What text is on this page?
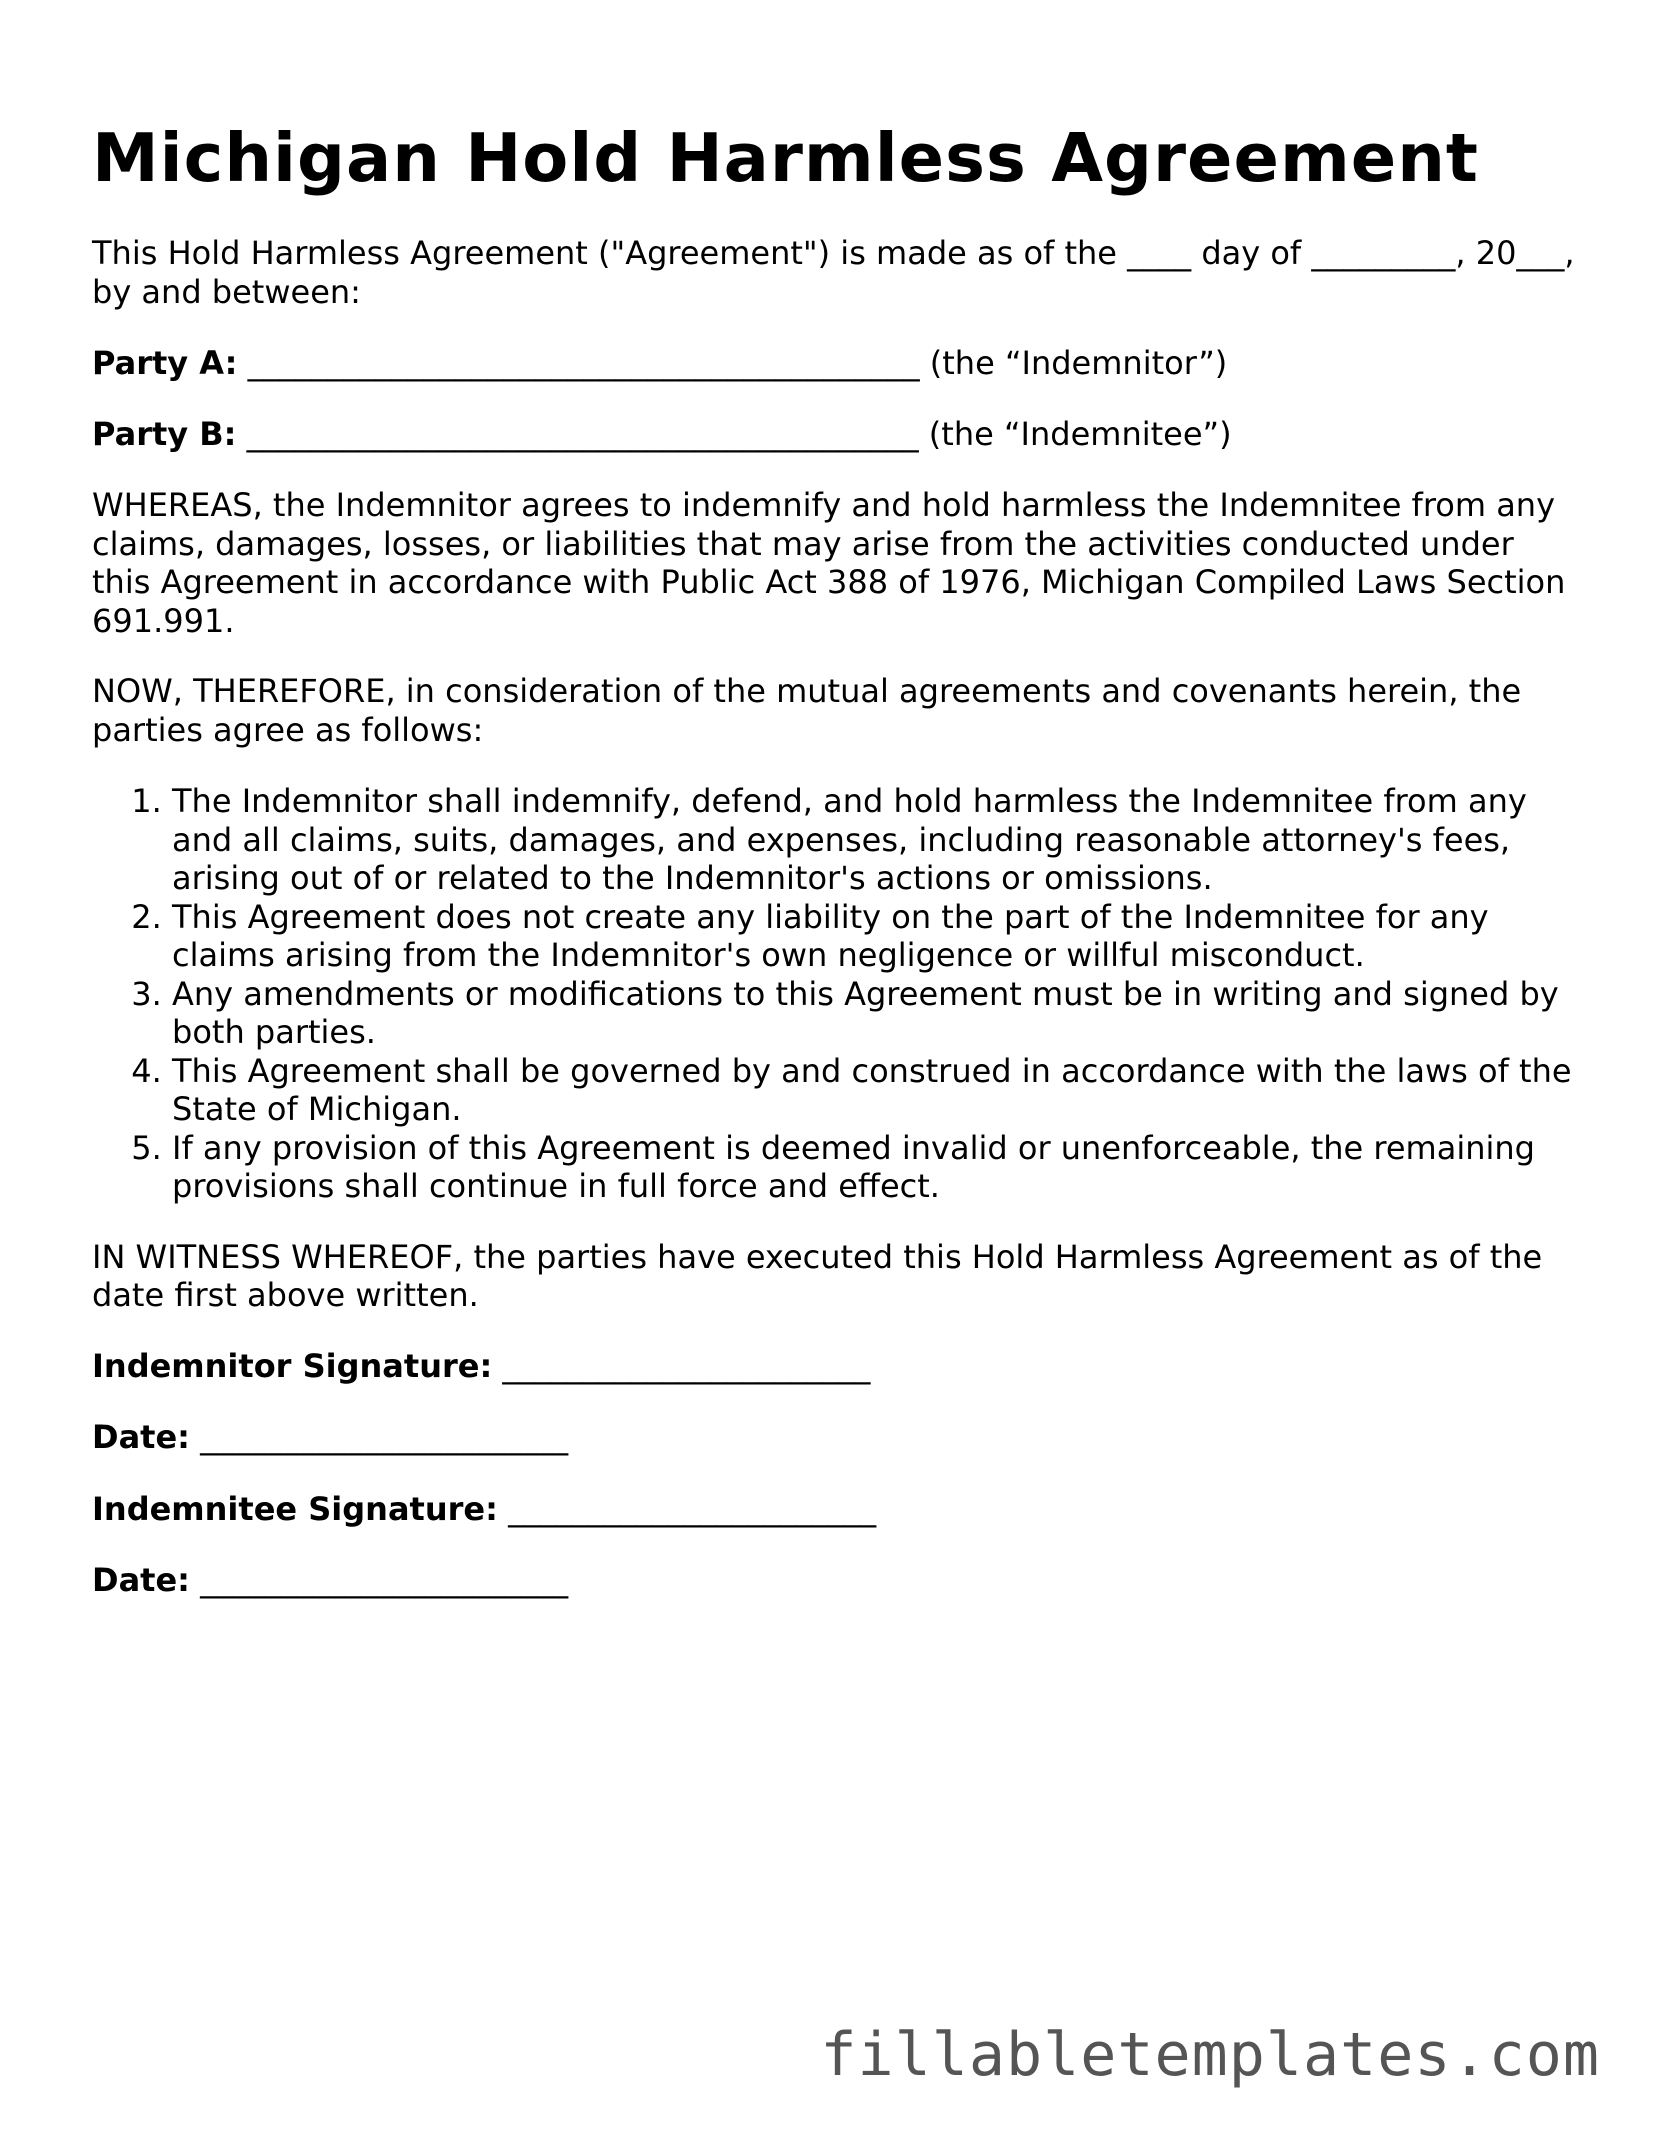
Michigan Hold Harmless Agreement

This Hold Harmless Agreement ("Agreement") is made as of the ____ day of _________, 20___, by and between:

Party A: __________________________________________ (the “Indemnitor”)

Party B: __________________________________________ (the “Indemnitee”)

WHEREAS, the Indemnitor agrees to indemnify and hold harmless the Indemnitee from any claims, damages, losses, or liabilities that may arise from the activities conducted under this Agreement in accordance with Public Act 388 of 1976, Michigan Compiled Laws Section 691.991.

NOW, THEREFORE, in consideration of the mutual agreements and covenants herein, the parties agree as follows:

1. The Indemnitor shall indemnify, defend, and hold harmless the Indemnitee from any and all claims, suits, damages, and expenses, including reasonable attorney's fees, arising out of or related to the Indemnitor's actions or omissions.
2. This Agreement does not create any liability on the part of the Indemnitee for any claims arising from the Indemnitor's own negligence or willful misconduct.
3. Any amendments or modifications to this Agreement must be in writing and signed by both parties.
4. This Agreement shall be governed by and construed in accordance with the laws of the State of Michigan.
5. If any provision of this Agreement is deemed invalid or unenforceable, the remaining provisions shall continue in full force and effect.

IN WITNESS WHEREOF, the parties have executed this Hold Harmless Agreement as of the date first above written.

Indemnitor Signature: _______________________

Date: _______________________

Indemnitee Signature: _______________________

Date: _______________________

fillabletemplates.com
